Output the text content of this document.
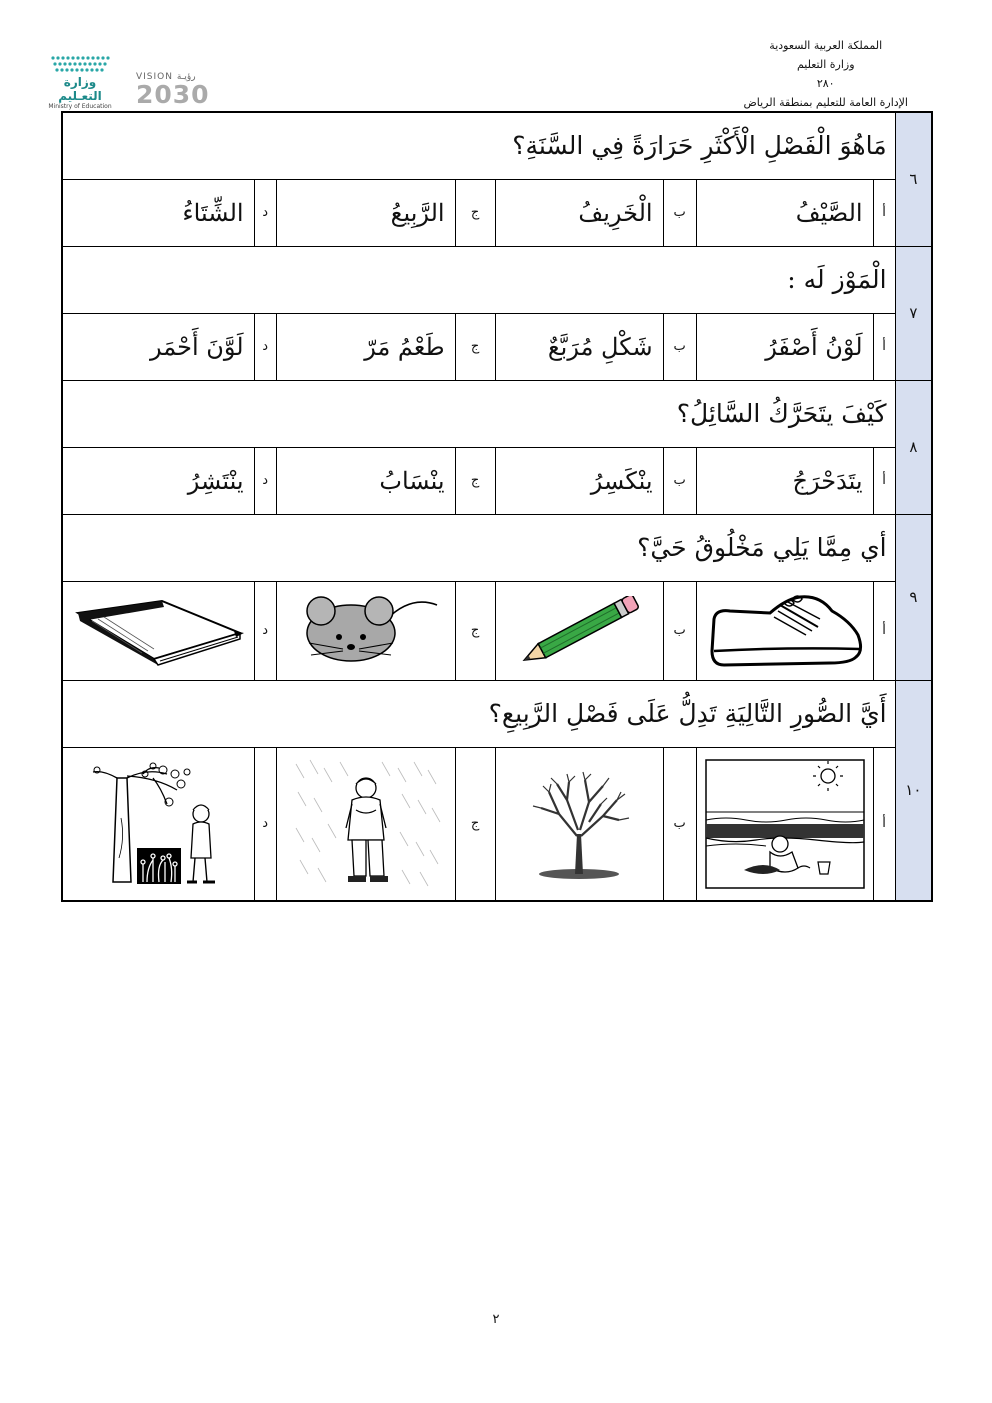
المملكة العربية السعودية
وزارة التعليم
٢٨٠
الإدارة العامة للتعليم بمنطقة الرياض
وزارة التعـليم
Ministry of Education
VISION رؤيـة
2030
٦	مَاهُوَ الْفَصْلِ الْأَكْثَرِ حَرَارَةً فِي السَّنَةِ؟							
	أ	الصَّيْفُ	ب	الْخَرِيفُ	ج	الرَّبِيعُ	د	الشِّتَاءُ
٧	الْمَوْز لَه :							
	أ	لَوْنُ أَصْفَرُ	ب	شَكْلِ مُرَبَّعٌ	ج	طَعْمُ مَرّ	د	لَوَّنَ أَحْمَر
٨	كَيْفَ يتَحَرَّكُ السَّائِلُ؟							
	أ	يتَدَحْرَجُ	ب	ينْكَسِرُ	ج	ينْسَابُ	د	ينْتَشِرُ
٩	أي مِمَّا يَلِي مَخْلُوقُ حَيَّ؟							
	أ		ب		ج		د	

١٠	أَيَّ الصُّورِ التَّالِيَةِ تَدِلُّ عَلَى فَصْلِ الرَّبِيعِ؟							
	أ		ب		ج		د	
٢
